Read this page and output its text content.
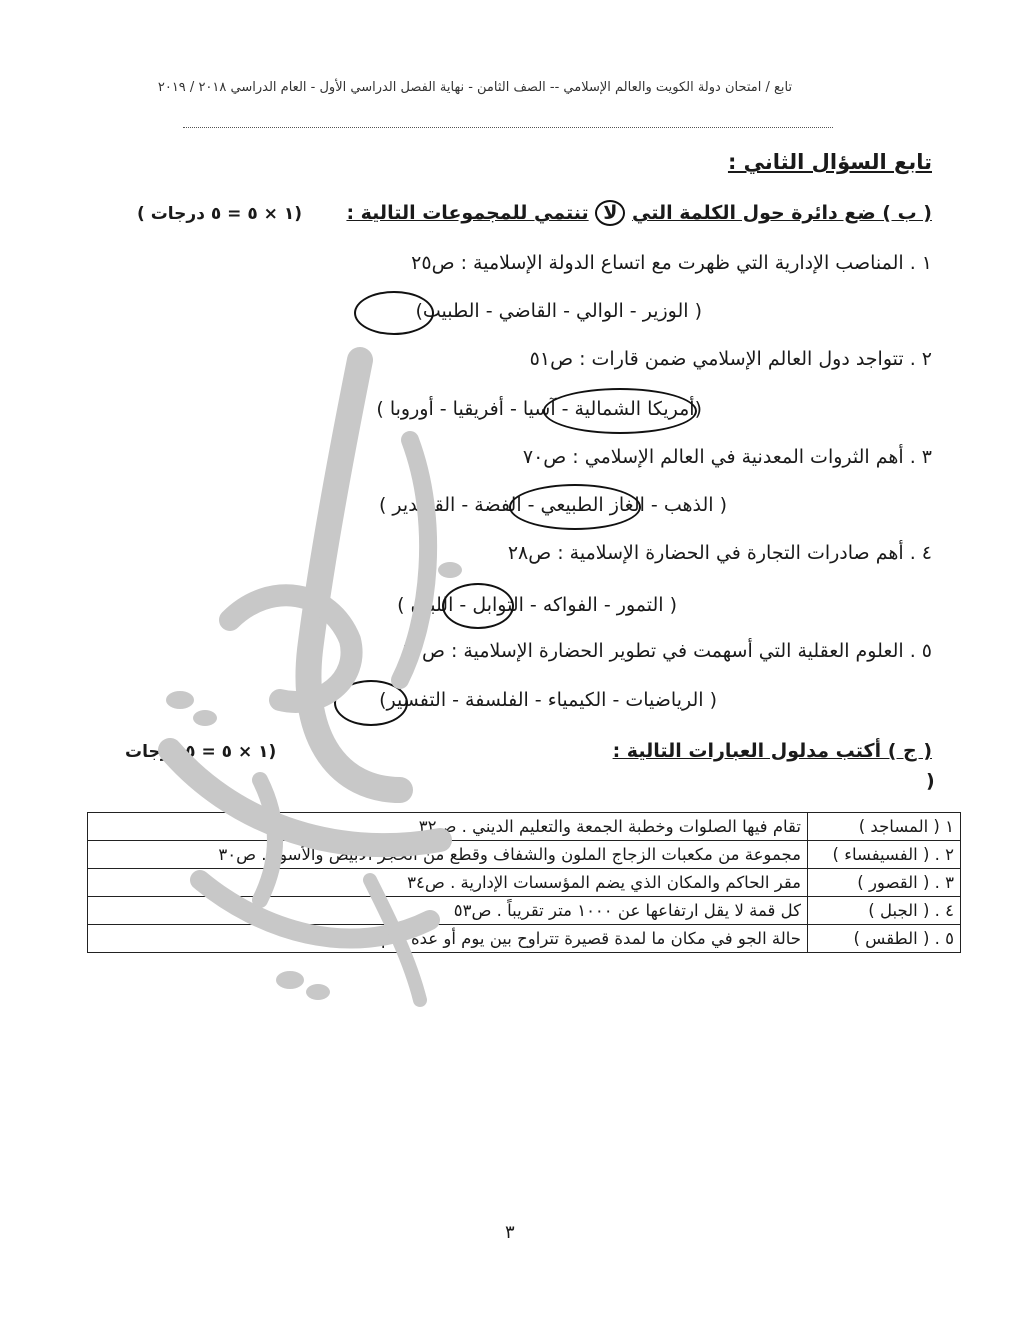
تابع / امتحان دولة الكويت والعالم الإسلامي -- الصف الثامن - نهاية الفصل الدراسي الأول - العام الدراسي ٢٠١٨ / ٢٠١٩
تابع السؤال الثاني :
( ب ) ضع دائرة حول الكلمة التي لا تنتمي للمجموعات التالية :
(١ × ٥ = ٥ درجات )
١ . المناصب الإدارية التي ظهرت مع اتساع الدولة الإسلامية : ص٢٥
( الوزير - الوالي - القاضي - الطبيب)
٢ . تتواجد دول العالم الإسلامي ضمن قارات : ص٥١
(أمريكا الشمالية - آسيا - أفريقيا - أوروبا )
٣ . أهم الثروات المعدنية في العالم الإسلامي : ص٧٠
( الذهب - الغاز الطبيعي - الفضة - القصدير )
٤ . أهم صادرات التجارة في الحضارة الإسلامية : ص٢٨
( التمور - الفواكه - التوابل - اللبان )
٥ . العلوم العقلية التي أسهمت في تطوير الحضارة الإسلامية : ص١٧
( الرياضيات - الكيمياء - الفلسفة - التفسير)
( ج ) أكتب مدلول العبارات التالية :
(١ × ٥ = ٥ درجات
)
١ ( المساجد )	تقام فيها الصلوات وخطبة الجمعة والتعليم الديني . ص٣٢
٢ . ( الفسيفساء )	مجموعة من مكعبات الزجاج الملون والشفاف وقطع من الحجر الأبيض والأسود . ص٣٠
٣ . ( القصور )	مقر الحاكم والمكان الذي يضم المؤسسات الإدارية . ص٣٤
٤ . ( الجبل )	كل قمة لا يقل ارتفاعها عن ١٠٠٠ متر تقريباً . ص٥٣
٥ . ( الطقس )	حالة الجو في مكان ما لمدة قصيرة تتراوح بين يوم أو عدة أيام . ص٦٤
٣
